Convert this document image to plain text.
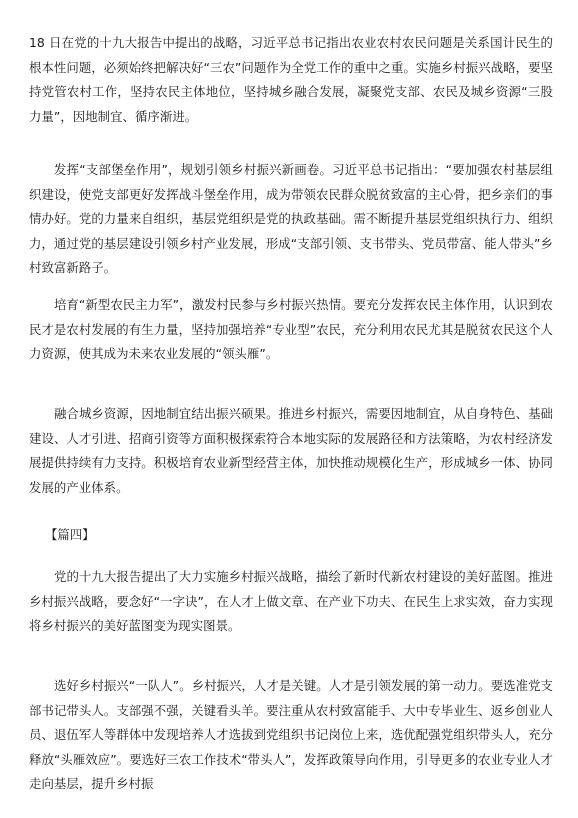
18 日在党的十九大报告中提出的战略，习近平总书记指出农业农村农民问题是关系国计民生的根本性问题，必须始终把解决好“三农”问题作为全党工作的重中之重。实施乡村振兴战略，要坚持党管农村工作，坚持农民主体地位，坚持城乡融合发展，凝聚党支部、农民及城乡资源“三股力量”，因地制宜、循序渐进。

发挥“支部堡垒作用”，规划引领乡村振兴新画卷。习近平总书记指出：“要加强农村基层组织建设，使党支部更好发挥战斗堡垒作用，成为带领农民群众脱贫致富的主心骨，把乡亲们的事情办好。党的力量来自组织，基层党组织是党的执政基础。需不断提升基层党组织执行力、组织力，通过党的基层建设引领乡村产业发展，形成“支部引领、支书带头、党员带富、能人带头”乡村致富新路子。

培育“新型农民主力军”，激发村民参与乡村振兴热情。要充分发挥农民主体作用，认识到农民才是农村发展的有生力量，坚持加强培养“专业型”农民，充分利用农民尤其是脱贫农民这个人力资源，使其成为未来农业发展的“领头雁”。

融合城乡资源，因地制宜结出振兴硕果。推进乡村振兴，需要因地制宜，从自身特色、基础建设、人才引进、招商引资等方面积极探索符合本地实际的发展路径和方法策略，为农村经济发展提供持续有力支持。积极培育农业新型经营主体，加快推动规模化生产，形成城乡一体、协同发展的产业体系。

【篇四】

党的十九大报告提出了大力实施乡村振兴战略，描绘了新时代新农村建设的美好蓝图。推进乡村振兴战略，要念好“一字诀”，在人才上做文章、在产业下功夫、在民生上求实效，奋力实现将乡村振兴的美好蓝图变为现实图景。

选好乡村振兴“一队人”。乡村振兴，人才是关键。人才是引领发展的第一动力。要选准党支部书记带头人。支部强不强，关键看头羊。要注重从农村致富能手、大中专毕业生、返乡创业人员、退伍军人等群体中发现培养人才选拔到党组织书记岗位上来，选优配强党组织带头人，充分释放“头雁效应”。要选好三农工作技术“带头人”，发挥政策导向作用，引导更多的农业专业人才走向基层，提升乡村振
